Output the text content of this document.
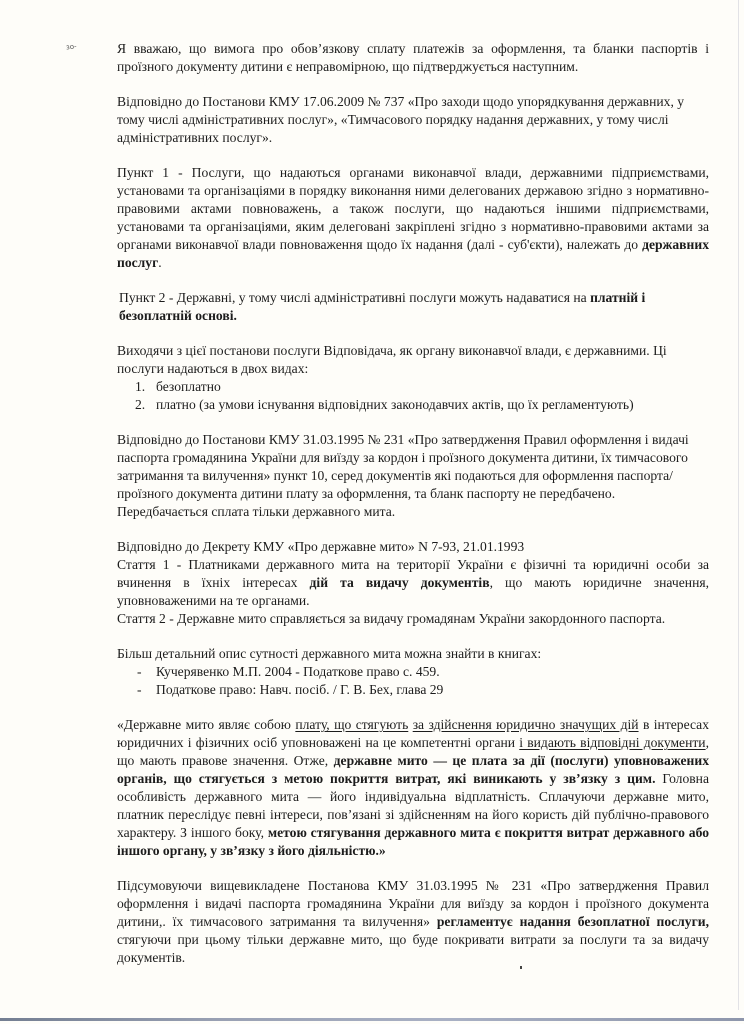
зо-	Я вважаю, що вимога про обов’язкову сплату платежів за оформлення, та бланки паспортів і проїзного документу дитини є неправомірною, що підтверджується наступним.

Відповідно до Постанови КМУ 17.06.2009 № 737 «Про заходи щодо упорядкування державних, у тому числі адміністративних послуг», «Тимчасового порядку надання державних, у тому числі адміністративних послуг».

Пункт 1 - Послуги, що надаються органами виконавчої влади, державними підприємствами, установами та організаціями в порядку виконання ними делегованих державою згідно з нормативно-правовими актами повноважень, а також послуги, що надаються іншими підприємствами, установами та організаціями, яким делеговані закріплені згідно з нормативно-правовими актами за органами виконавчої влади повноваження щодо їх надання (далі - суб'єкти), належать до державних послуг.

Пункт 2 - Державні, у тому числі адміністративні послуги можуть надаватися на платній і безоплатній основі.

Виходячи з цієї постанови послуги Відповідача, як органу виконавчої влади, є державними. Ці послуги надаються в двох видах:

1. безоплатно
2. платно (за умови існування відповідних законодавчих актів, що їх регламентують)

Відповідно до Постанови КМУ 31.03.1995 № 231 «Про затвердження Правил оформлення і видачі паспорта громадянина України для виїзду за кордон і проїзного документа дитини, їх тимчасового затримання та вилучення» пункт 10, серед документів які подаються для оформлення паспорта/проїзного документа дитини плату за оформлення, та бланк паспорту не передбачено. Передбачається сплата тільки державного мита.

Відповідно до Декрету КМУ «Про державне мито» N 7-93, 21.01.1993

Стаття 1 - Платниками державного мита на території України є фізичні та юридичні особи за вчинення в їхніх інтересах дій та видачу документів, що мають юридичне значення, уповноваженими на те органами.

Стаття 2 - Державне мито справляється за видачу громадянам України закордонного паспорта.

Більш детальний опис сутності державного мита можна знайти в книгах:

- Кучерявенко М.П. 2004 - Податкове право с. 459.
- Податкове право: Навч. посіб. / Г. В. Бех, глава 29

«Державне мито являє собою плату, що стягують за здійснення юридично значущих дій в інтересах юридичних і фізичних осіб уповноважені на це компетентні органи і видають відповідні документи, що мають правове значення. Отже, державне мито — це плата за дії (послуги) уповноважених органів, що стягується з метою покриття витрат, які виникають у зв’язку з цим. Головна особливість державного мита — його індивідуальна відплатність. Сплачуючи державне мито, платник переслідує певні інтереси, пов’язані зі здійсненням на його користь дій публічно-правового характеру. З іншого боку, метою стягування державного мита є покриття витрат державного або іншого органу, у зв’язку з його діяльністю.»

Підсумовуючи вищевикладене Постанова КМУ 31.03.1995 № 231 «Про затвердження Правил оформлення і видачі паспорта громадянина України для виїзду за кордон і проїзного документа дитини,. їх тимчасового затримання та вилучення» регламентує надання безоплатної послуги, стягуючи при цьому тільки державне мито, що буде покривати витрати за послуги та за видачу документів.
